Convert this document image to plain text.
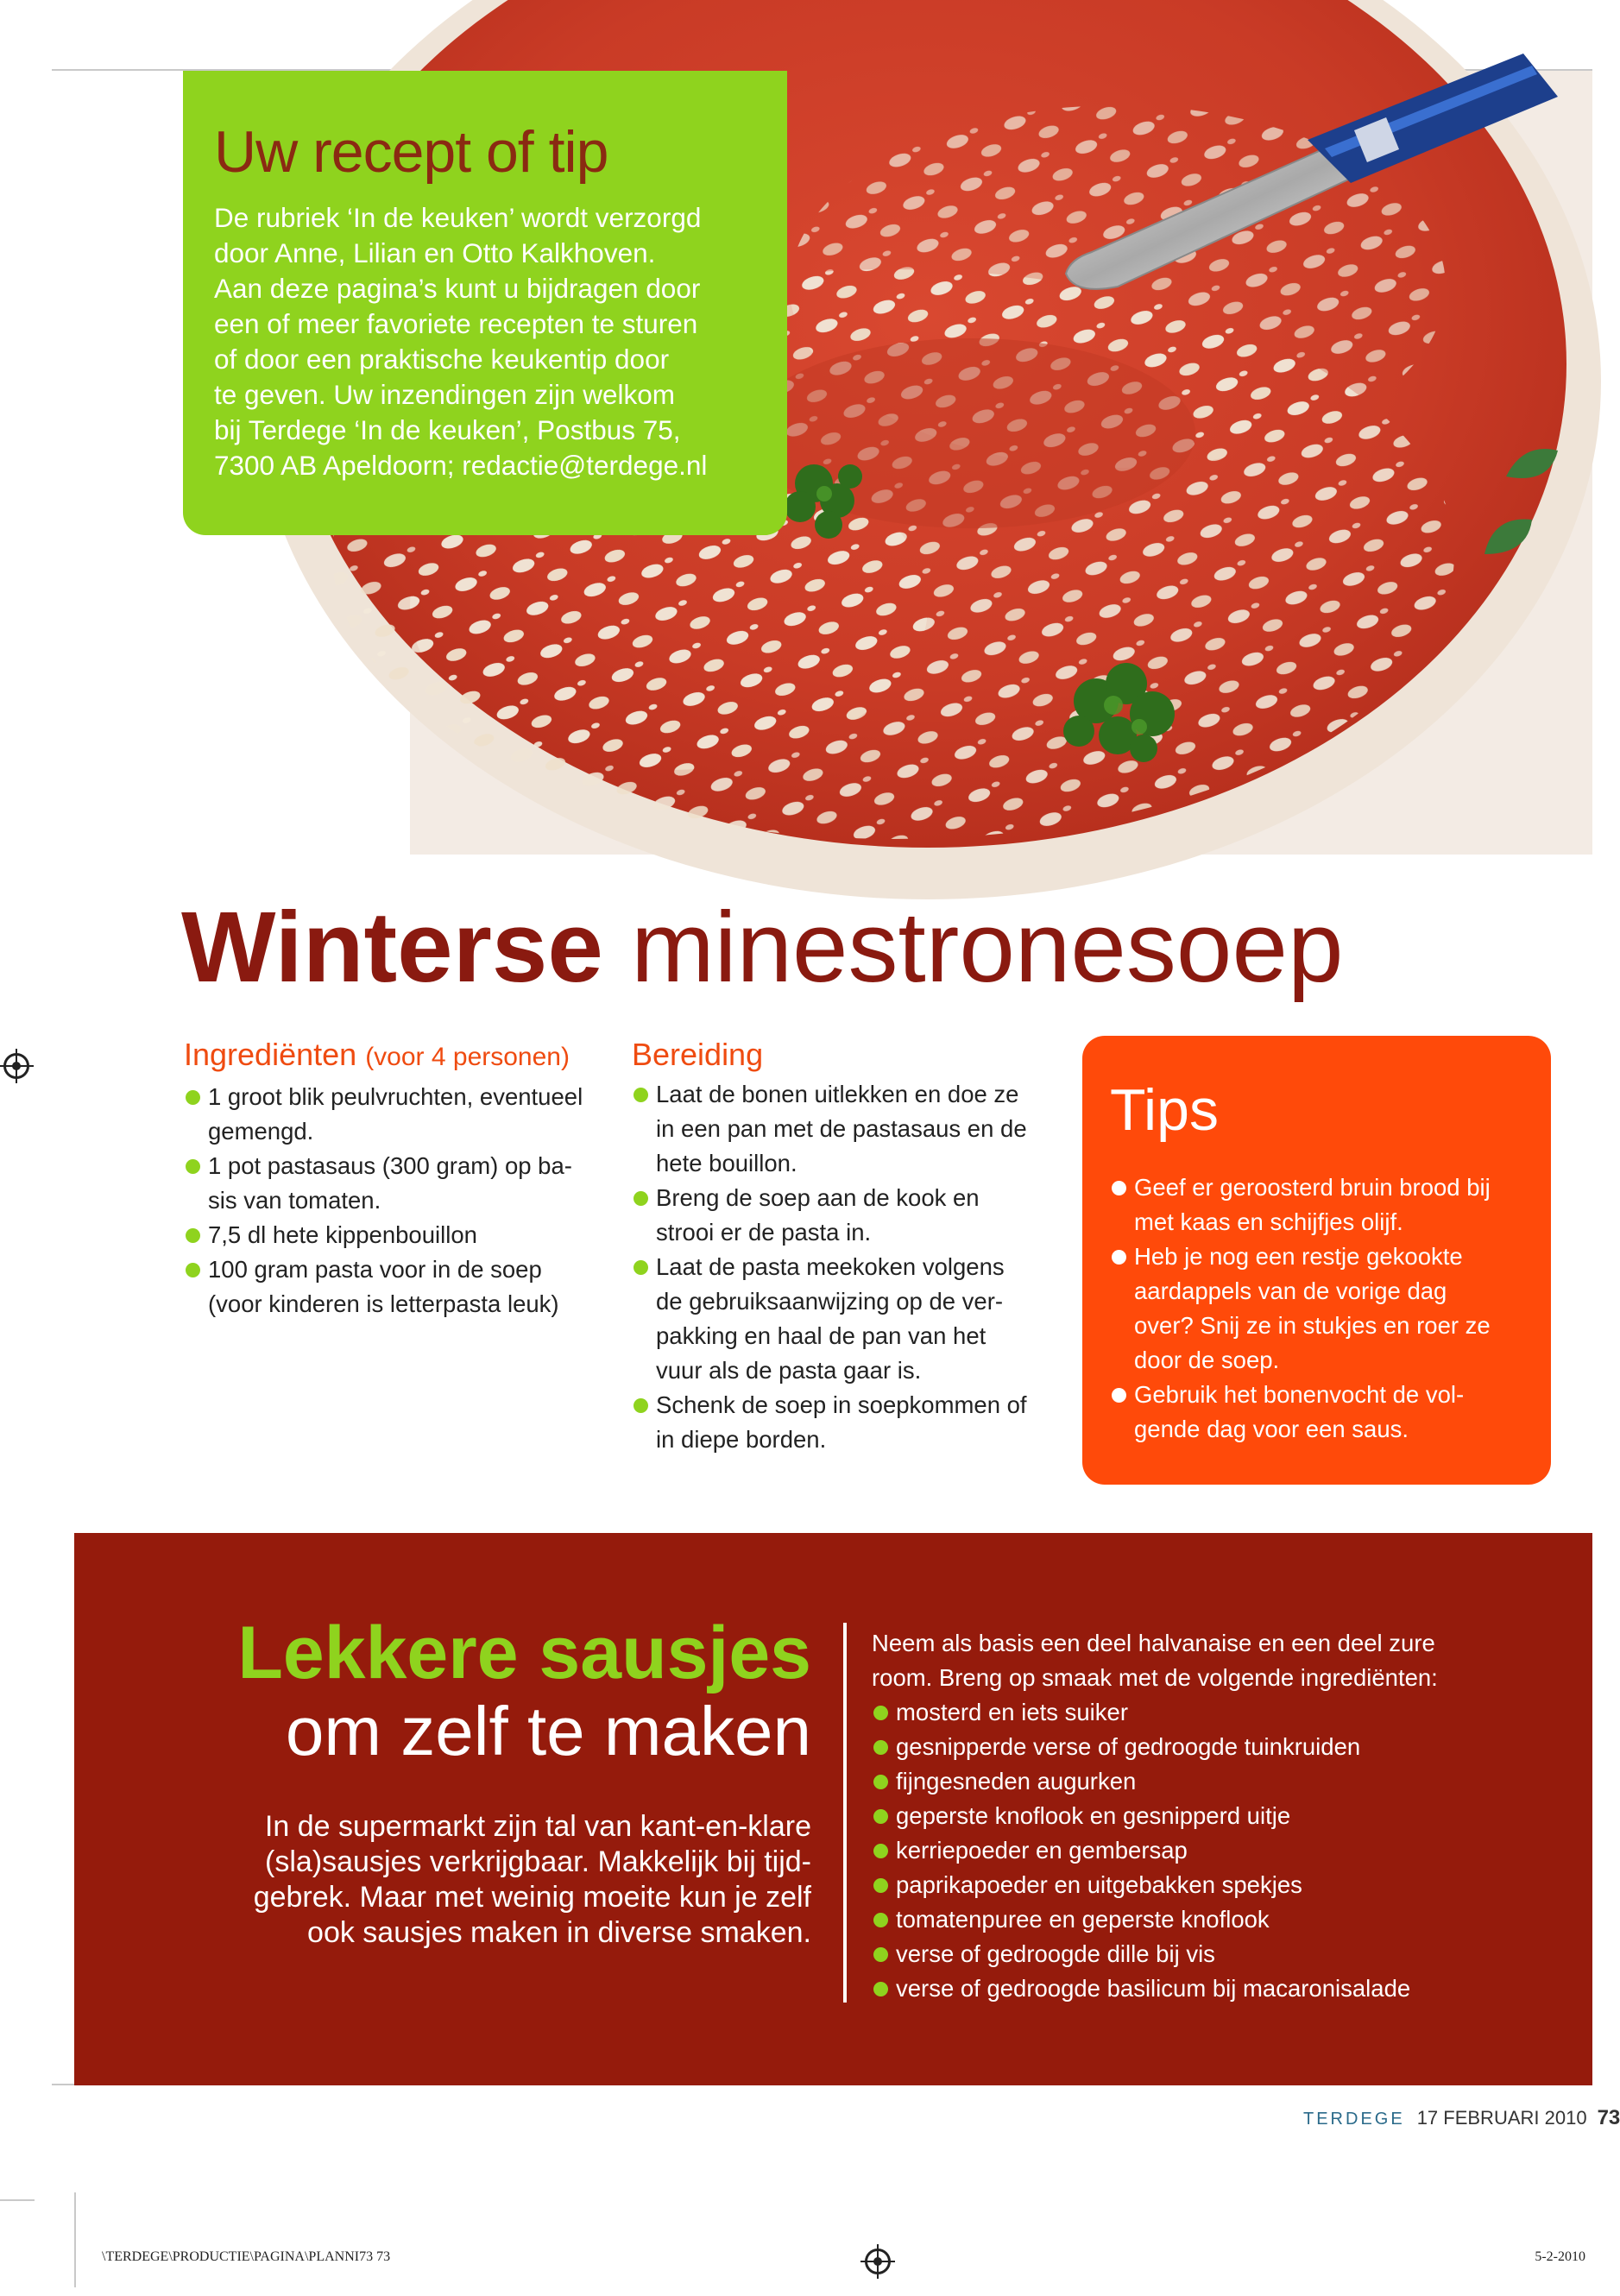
Uw recept of tip
De rubriek ‘In de keuken’ wordt verzorgd
door Anne, Lilian en Otto Kalkhoven.
Aan deze pagina’s kunt u bijdragen door
een of meer favoriete recepten te sturen
of door een praktische keukentip door
te geven. Uw inzendingen zijn welkom
bij Terdege ‘In de keuken’, Postbus 75,
7300 AB Apeldoorn; redactie@terdege.nl
Winterse minestronesoep
Ingrediënten (voor 4 personen)
1 groot blik peulvruchten, eventueel
gemengd.
1 pot pastasaus (300 gram) op ba-
sis van tomaten.
7,5 dl hete kippenbouillon
100 gram pasta voor in de soep
(voor kinderen is letterpasta leuk)
Bereiding
Laat de bonen uitlekken en doe ze
in een pan met de pastasaus en de
hete bouillon.
Breng de soep aan de kook en
strooi er de pasta in.
Laat de pasta meekoken volgens
de gebruiksaanwijzing op de ver-
pakking en haal de pan van het
vuur als de pasta gaar is.
Schenk de soep in soepkommen of
in diepe borden.
Tips
Geef er geroosterd bruin brood bij
met kaas en schijfjes olijf.
Heb je nog een restje gekookte
aardappels van de vorige dag
over? Snij ze in stukjes en roer ze
door de soep.
Gebruik het bonenvocht de vol-
gende dag voor een saus.
Lekkere sausjes
om zelf te maken
In de supermarkt zijn tal van kant-en-klare
(sla)sausjes verkrijgbaar. Makkelijk bij tijd-
gebrek. Maar met weinig moeite kun je zelf
ook sausjes maken in diverse smaken.
Neem als basis een deel halvanaise en een deel zure
room. Breng op smaak met de volgende ingrediënten:
mosterd en iets suiker
gesnipperde verse of gedroogde tuinkruiden
fijngesneden augurken
geperste knoflook en gesnipperd uitje
kerriepoeder en gembersap
paprikapoeder en uitgebakken spekjes
tomatenpuree en geperste knoflook
verse of gedroogde dille bij vis
verse of gedroogde basilicum bij macaronisalade
TERDEGE 17 FEBRUARI 2010 73
\TERDEGE\PRODUCTIE\PAGINA\PLANNI73 73	5-2-2010
